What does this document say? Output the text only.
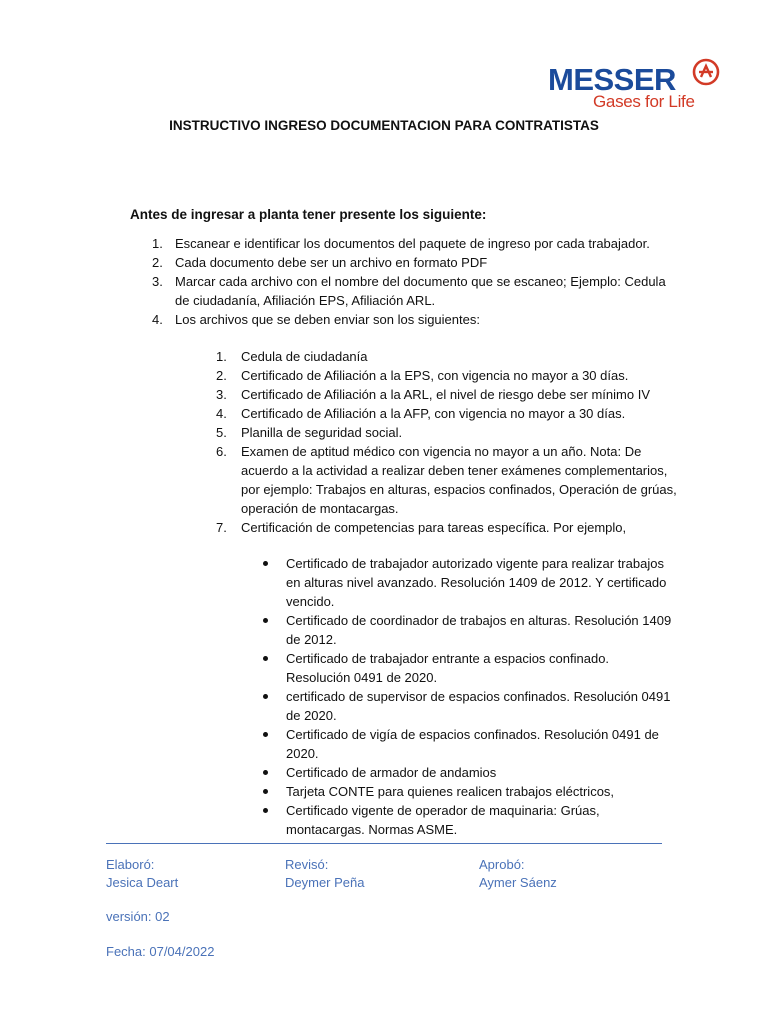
MESSER
Gases for Life
INSTRUCTIVO INGRESO DOCUMENTACION PARA CONTRATISTAS

Antes de ingresar a planta tener presente los siguiente:

1. Escanear e identificar los documentos del paquete de ingreso por cada trabajador.
2. Cada documento debe ser un archivo en formato PDF
3. Marcar cada archivo con el nombre del documento que se escaneo; Ejemplo: Cedula
de ciudadanía, Afiliación EPS, Afiliación ARL.
4. Los archivos que se deben enviar son los siguientes:
1. Cedula de ciudadanía
2. Certificado de Afiliación a la EPS, con vigencia no mayor a 30 días.
3. Certificado de Afiliación a la ARL, el nivel de riesgo debe ser mínimo IV
4. Certificado de Afiliación a la AFP, con vigencia no mayor a 30 días.
5. Planilla de seguridad social.
6. Examen de aptitud médico con vigencia no mayor a un año. Nota: De
acuerdo a la actividad a realizar deben tener exámenes complementarios,
por ejemplo: Trabajos en alturas, espacios confinados, Operación de grúas,
operación de montacargas.
7. Certificación de competencias para tareas específica. Por ejemplo,
Certificado de trabajador autorizado vigente para realizar trabajos
en alturas nivel avanzado. Resolución 1409 de 2012. Y certificado
vencido.
Certificado de coordinador de trabajos en alturas. Resolución 1409
de 2012.
Certificado de trabajador entrante a espacios confinado.
Resolución 0491 de 2020.
certificado de supervisor de espacios confinados. Resolución 0491
de 2020.
Certificado de vigía de espacios confinados. Resolución 0491 de
2020.
Certificado de armador de andamios
Tarjeta CONTE para quienes realicen trabajos eléctricos,
Certificado vigente de operador de maquinaria: Grúas,
montacargas. Normas ASME.
Elaboró:
Jesica Deart
Revisó:
Deymer Peña
Aprobó:
Aymer Sáenz
versión: 02
Fecha: 07/04/2022
